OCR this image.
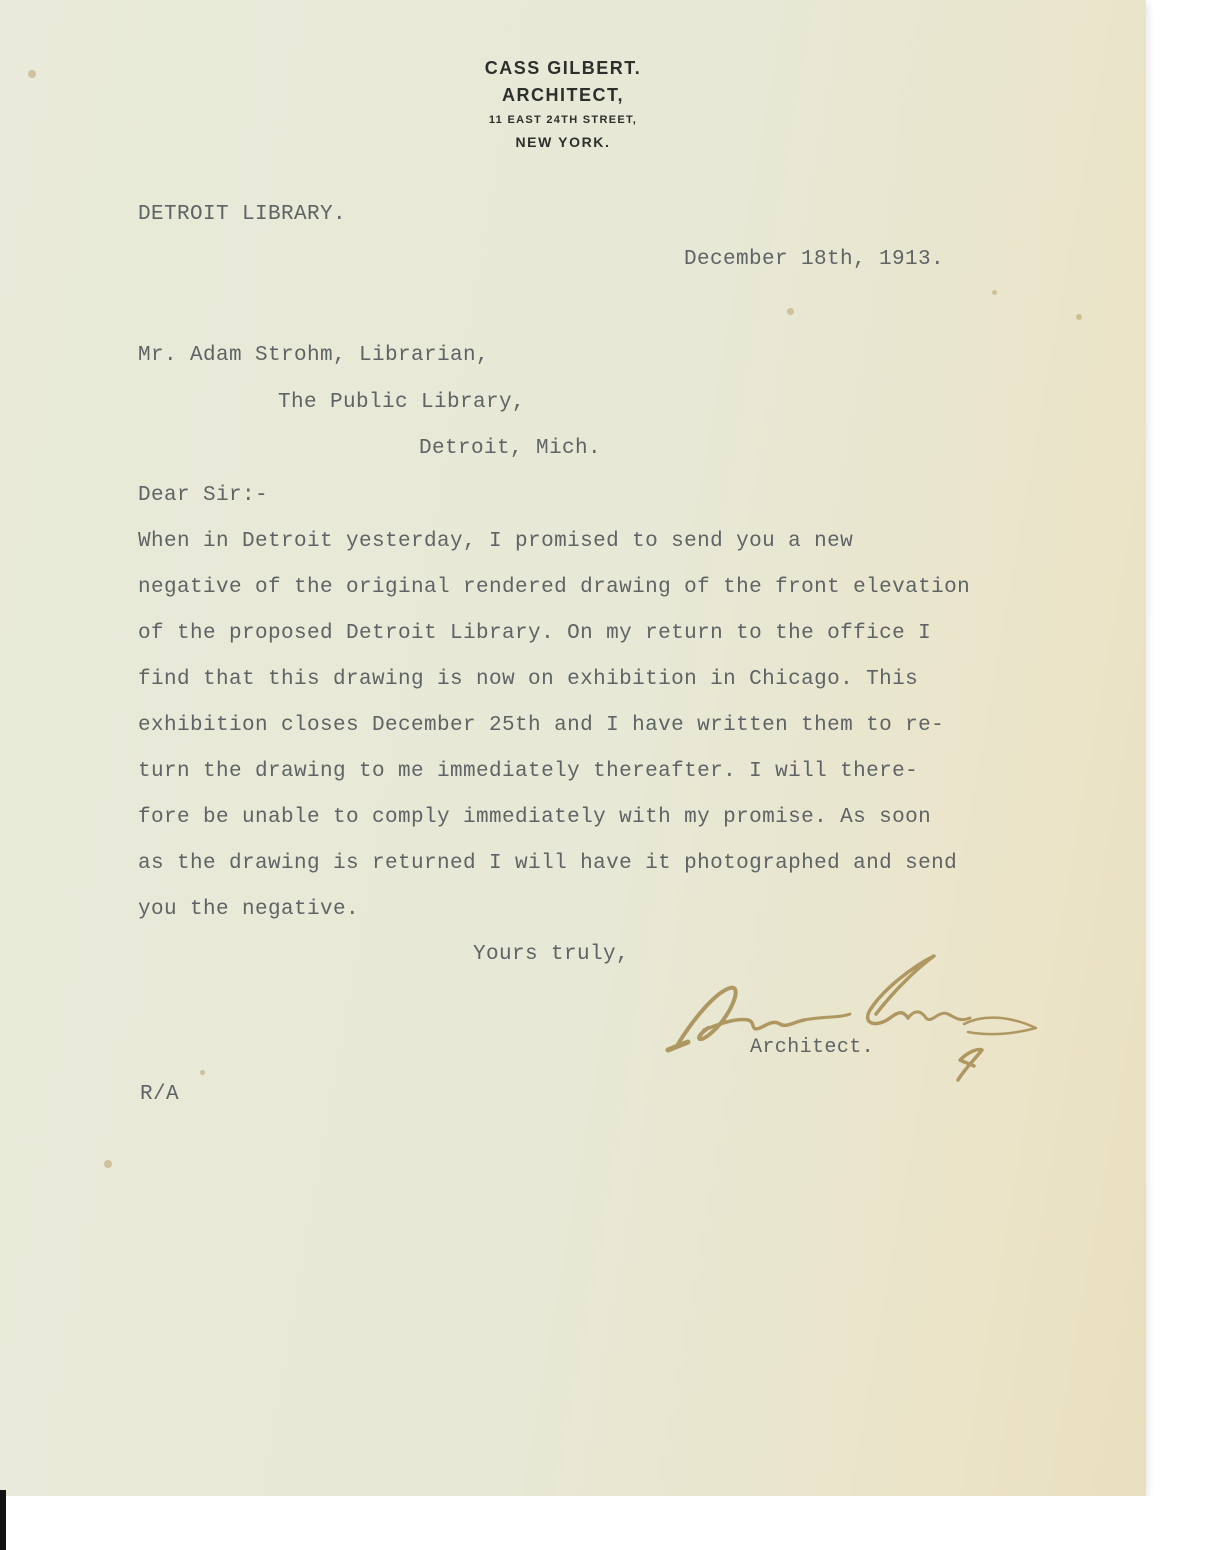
CASS GILBERT.
ARCHITECT,
11 EAST 24TH STREET,
NEW YORK.
DETROIT LIBRARY.
December 18th, 1913.
Mr. Adam Strohm, Librarian,
The Public Library,
Detroit, Mich.
Dear Sir:-
When in Detroit yesterday, I promised to send you a new
negative of the original rendered drawing of the front elevation
of the proposed Detroit Library. On my return to the office I
find that this drawing is now on exhibition in Chicago. This
exhibition closes December 25th and I have written them to re-
turn the drawing to me immediately thereafter. I will there-
fore be unable to comply immediately with my promise. As soon
as the drawing is returned I will have it photographed and send
you the negative.
Yours truly,
Architect.
R/A
